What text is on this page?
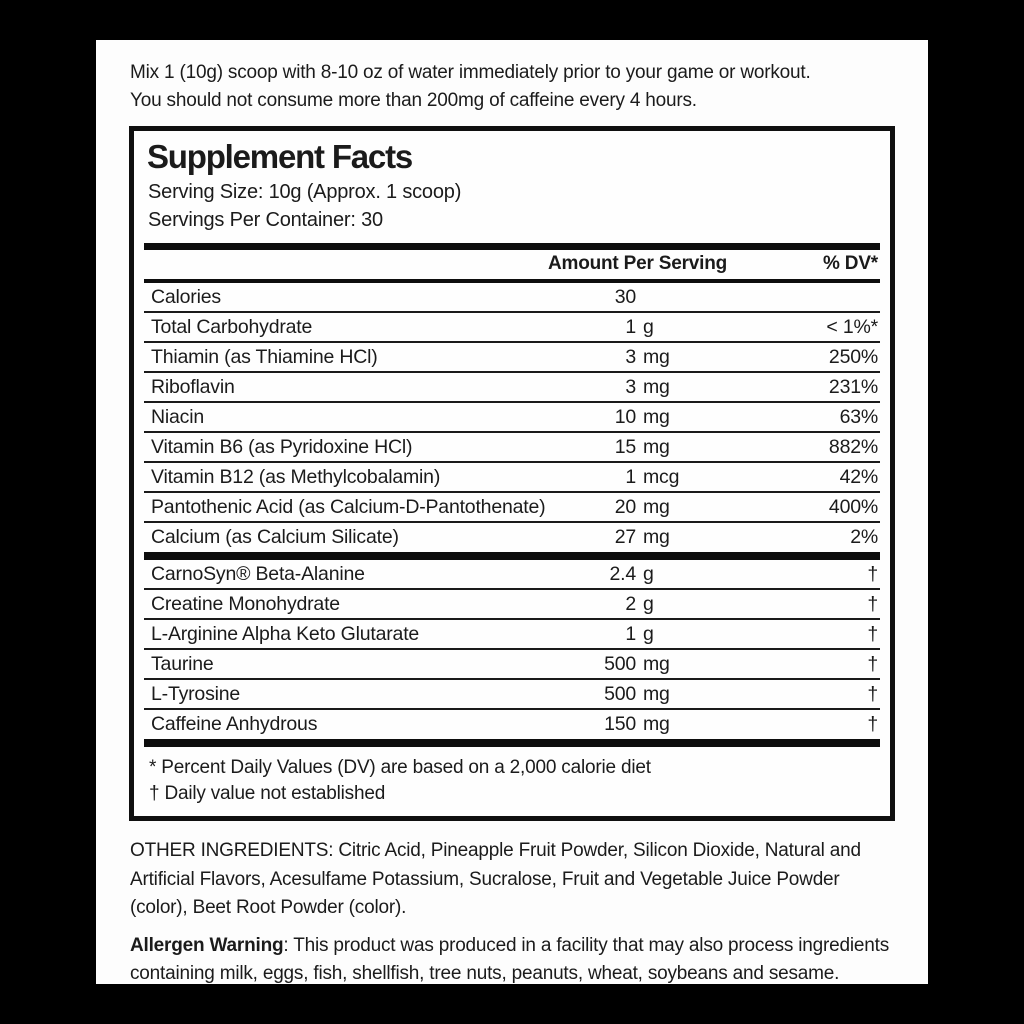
Mix 1 (10g) scoop with 8-10 oz of water immediately prior to your game or workout.
You should not consume more than 200mg of caffeine every 4 hours.
Supplement Facts
Serving Size: 10g (Approx. 1 scoop)
Servings Per Container: 30
Amount Per Serving	% DV*
Calories	30
Total Carbohydrate	1 g	< 1%*
Thiamin (as Thiamine HCl)	3 mg	250%
Riboflavin	3 mg	231%
Niacin	10 mg	63%
Vitamin B6 (as Pyridoxine HCl)	15 mg	882%
Vitamin B12 (as Methylcobalamin)	1 mcg	42%
Pantothenic Acid (as Calcium-D-Pantothenate)	20 mg	400%
Calcium (as Calcium Silicate)	27 mg	2%
CarnoSyn® Beta-Alanine	2.4 g	†
Creatine Monohydrate	2 g	†
L-Arginine Alpha Keto Glutarate	1 g	†
Taurine	500 mg	†
L-Tyrosine	500 mg	†
Caffeine Anhydrous	150 mg	†
* Percent Daily Values (DV) are based on a 2,000 calorie diet
† Daily value not established
OTHER INGREDIENTS: Citric Acid, Pineapple Fruit Powder, Silicon Dioxide, Natural and Artificial Flavors, Acesulfame Potassium, Sucralose, Fruit and Vegetable Juice Powder (color), Beet Root Powder (color).
Allergen Warning: This product was produced in a facility that may also process ingredients containing milk, eggs, fish, shellfish, tree nuts, peanuts, wheat, soybeans and sesame.
